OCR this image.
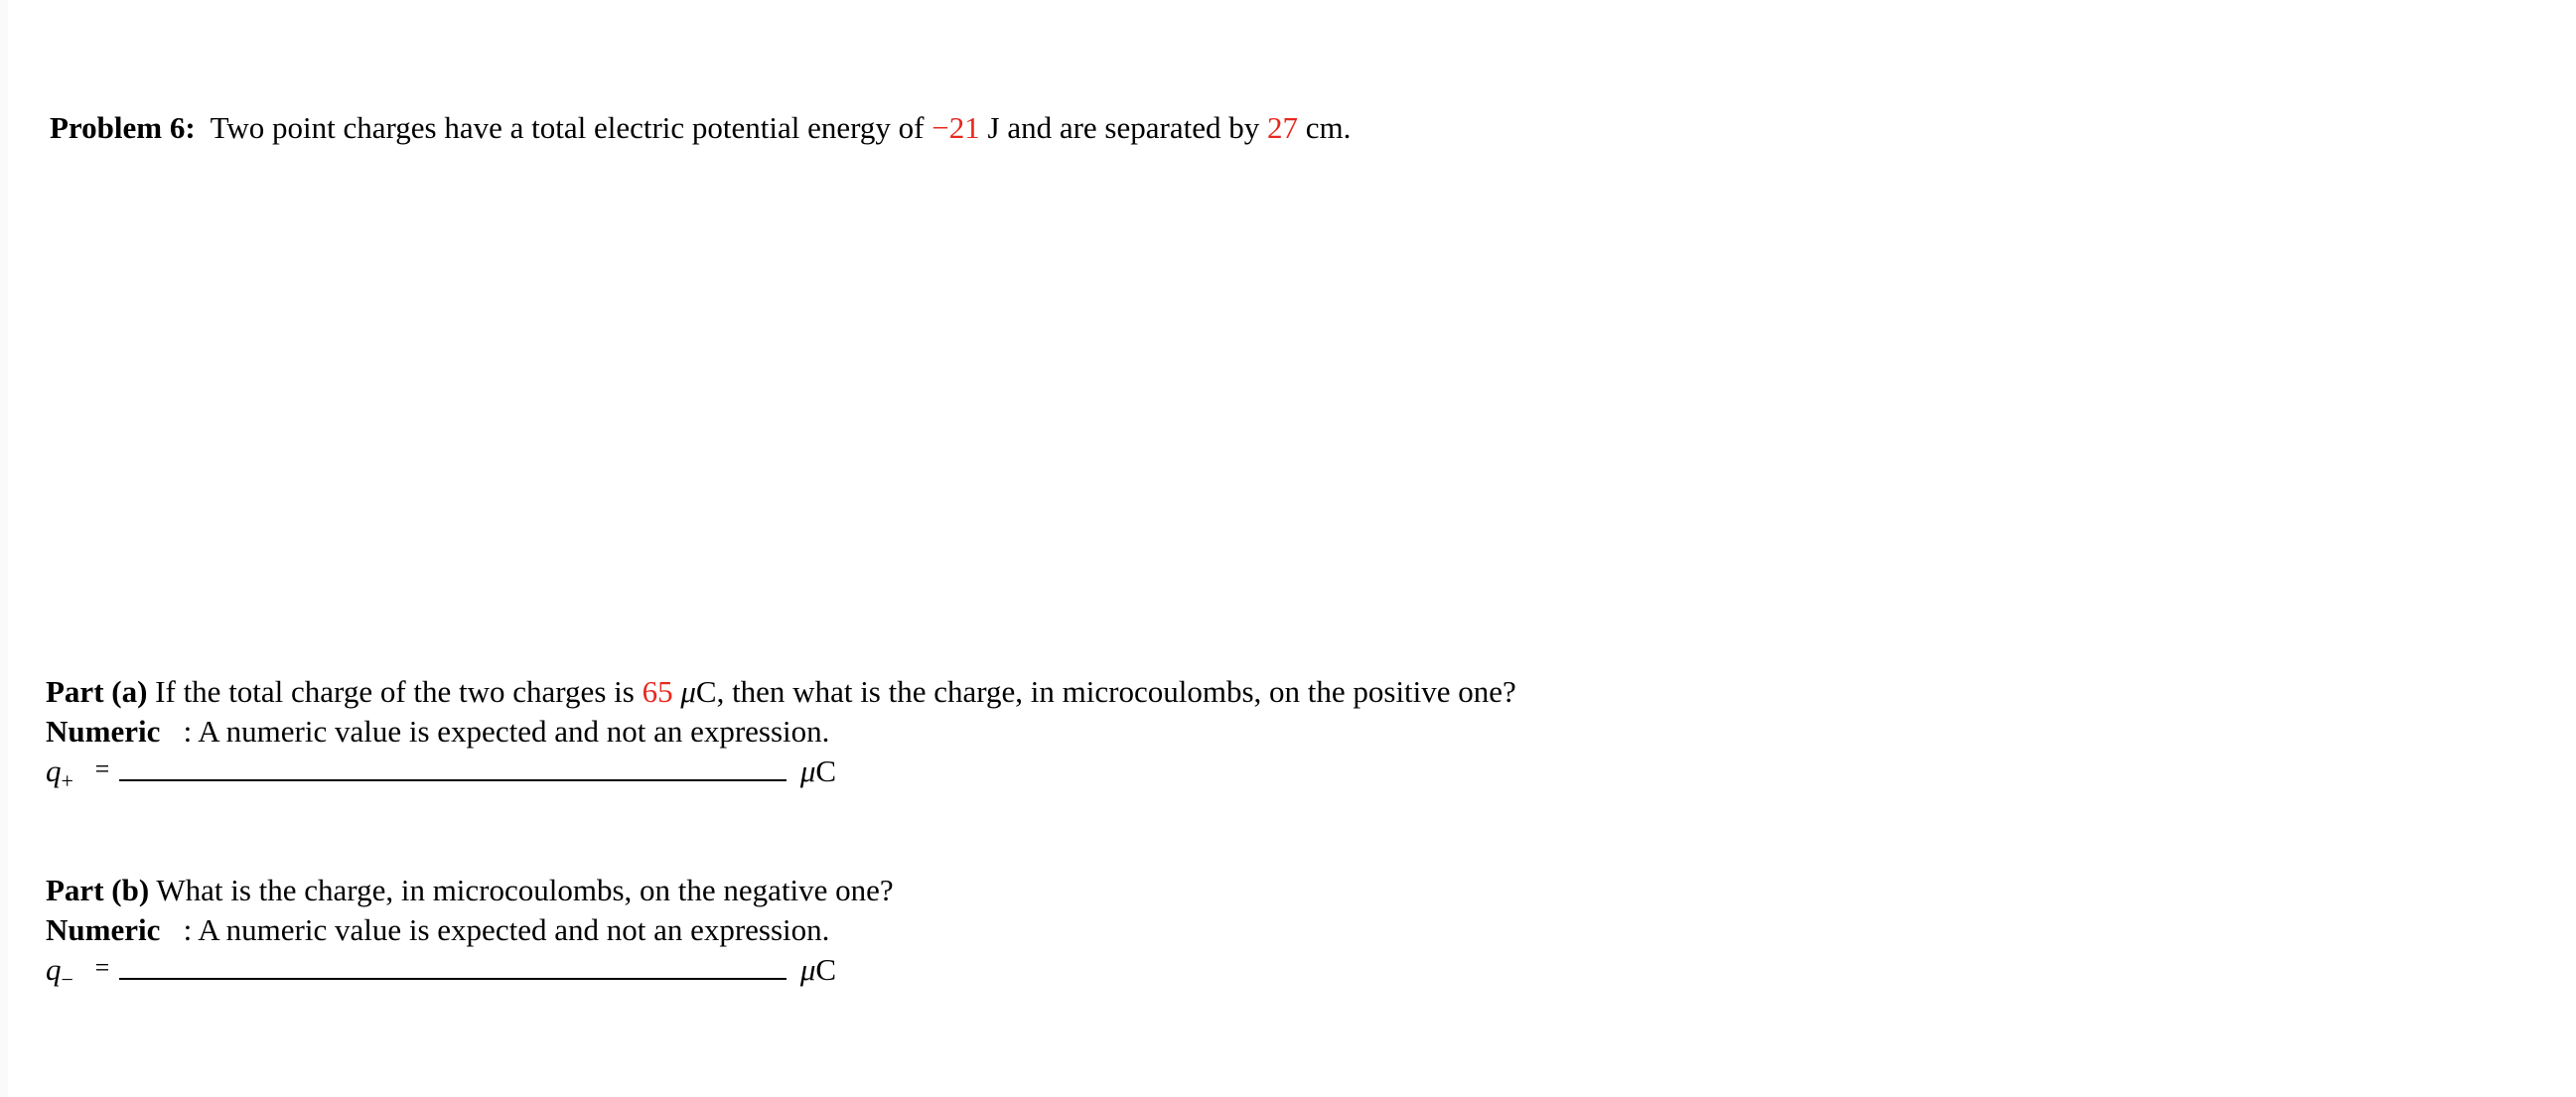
Problem 6: Two point charges have a total electric potential energy of −21 J and are separated by 27 cm.
Part (a) If the total charge of the two charges is 65 μC, then what is the charge, in microcoulombs, on the positive one?
Numeric : A numeric value is expected and not an expression.
$q_+$ =	μC
Part (b) What is the charge, in microcoulombs, on the negative one?
Numeric : A numeric value is expected and not an expression.
$q_-$ =	μC
